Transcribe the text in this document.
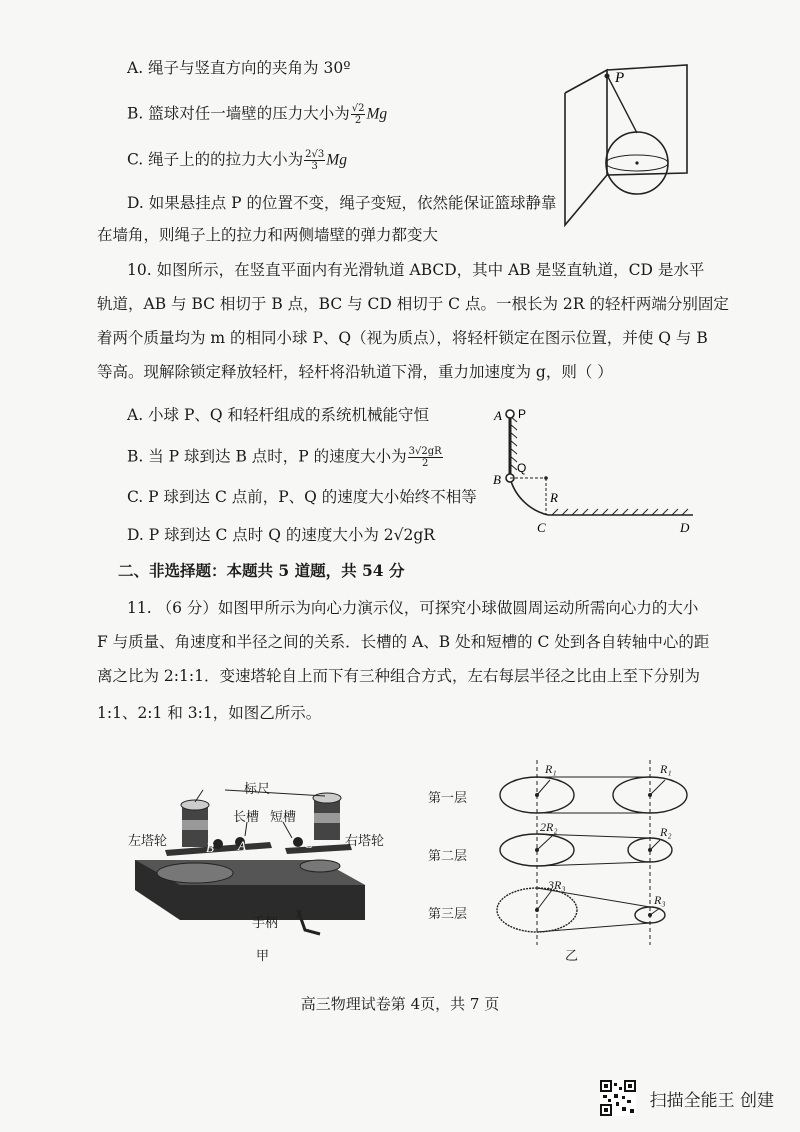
A. 绳子与竖直方向的夹角为 30º
B. 篮球对任一墙壁的压力大小为 $\frac{√2}{2}$ Mg
C. 绳子上的的拉力大小为 $\frac{2√3}{3}$ Mg
D. 如果悬挂点 P 的位置不变，绳子变短，依然能保证篮球静靠
在墙角，则绳子上的拉力和两侧墙壁的弹力都变大
P
10. 如图所示，在竖直平面内有光滑轨道 ABCD，其中 AB 是竖直轨道，CD 是水平
轨道，AB 与 BC 相切于 B 点，BC 与 CD 相切于 C 点。一根长为 2R 的轻杆两端分别固定
着两个质量均为 m 的相同小球 P、Q（视为质点），将轻杆锁定在图示位置，并使 Q 与 B
等高。现解除锁定释放轻杆，轻杆将沿轨道下滑，重力加速度为 g，则（ ）
A. 小球 P、Q 和轻杆组成的系统机械能守恒
B. 当 P 球到达 B 点时，P 的速度大小为 $\frac{3√2gR}{2}$
C. P 球到达 C 点前，P、Q 的速度大小始终不相等
D. P 球到达 C 点时 Q 的速度大小为 2√2gR
A P
Q
B
R
C	D
二、非选择题：本题共 5 道题，共 54 分
11. （6 分）如图甲所示为向心力演示仪，可探究小球做圆周运动所需向心力的大小
F 与质量、角速度和半径之间的关系．长槽的 A、B 处和短槽的 C 处到各自转轴中心的距
离之比为 2:1:1．变速塔轮自上而下有三种组合方式，左右每层半径之比由上至下分别为
1:1、2:1 和 3:1，如图乙所示。
标尺
长槽 短槽
左塔轮	右塔轮
B A	C
手柄
甲
第一层
第二层
第三层
R₁	R₁
2R₂	R₂
3R₃
R₃
乙
高三物理试卷第 4页，共 7 页
扫描全能王 创建
